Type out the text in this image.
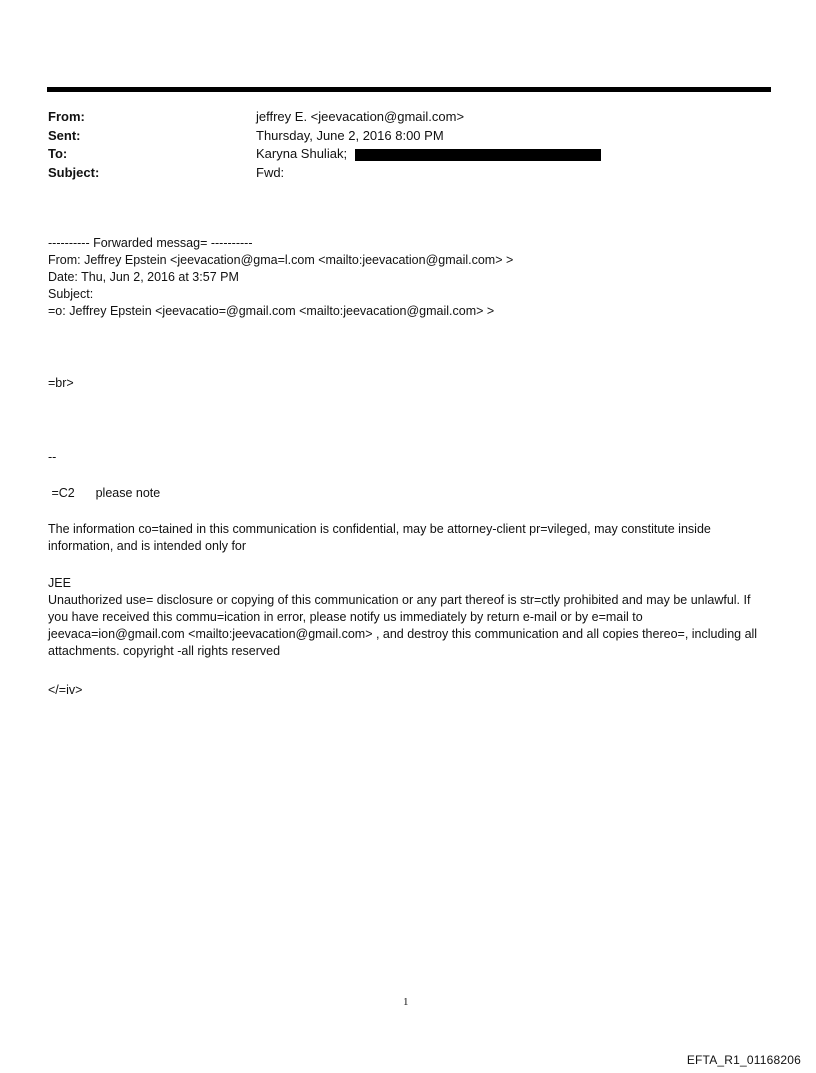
From:	jeffrey E. <jeevacation@gmail.com>
Sent:	Thursday, June 2, 2016 8:00 PM
To:	Karyna Shuliak;
Subject:	Fwd:

---------- Forwarded messag= ----------

From: Jeffrey Epstein <jeevacation@gma=l.com <mailto:jeevacation@gmail.com> >

Date: Thu, Jun 2, 2016 at 3:57 PM

Subject:

=o: Jeffrey Epstein <jeevacatio=@gmail.com <mailto:jeevacation@gmail.com> >

=br>

--

=C2      please note

The information co=tained in this communication is confidential, may be attorney-client pr=vileged, may constitute inside information, and is intended only for

JEE

Unauthorized use= disclosure or copying of this communication or any part thereof is str=ctly prohibited and may be unlawful. If you have received this commu=ication in error, please notify us immediately by return e-mail or by e=mail to jeevaca=ion@gmail.com <mailto:jeevacation@gmail.com> , and destroy this communication and all copies thereo=, including all attachments. copyright -all rights reserved

</=iv>

1
EFTA_R1_01168206
